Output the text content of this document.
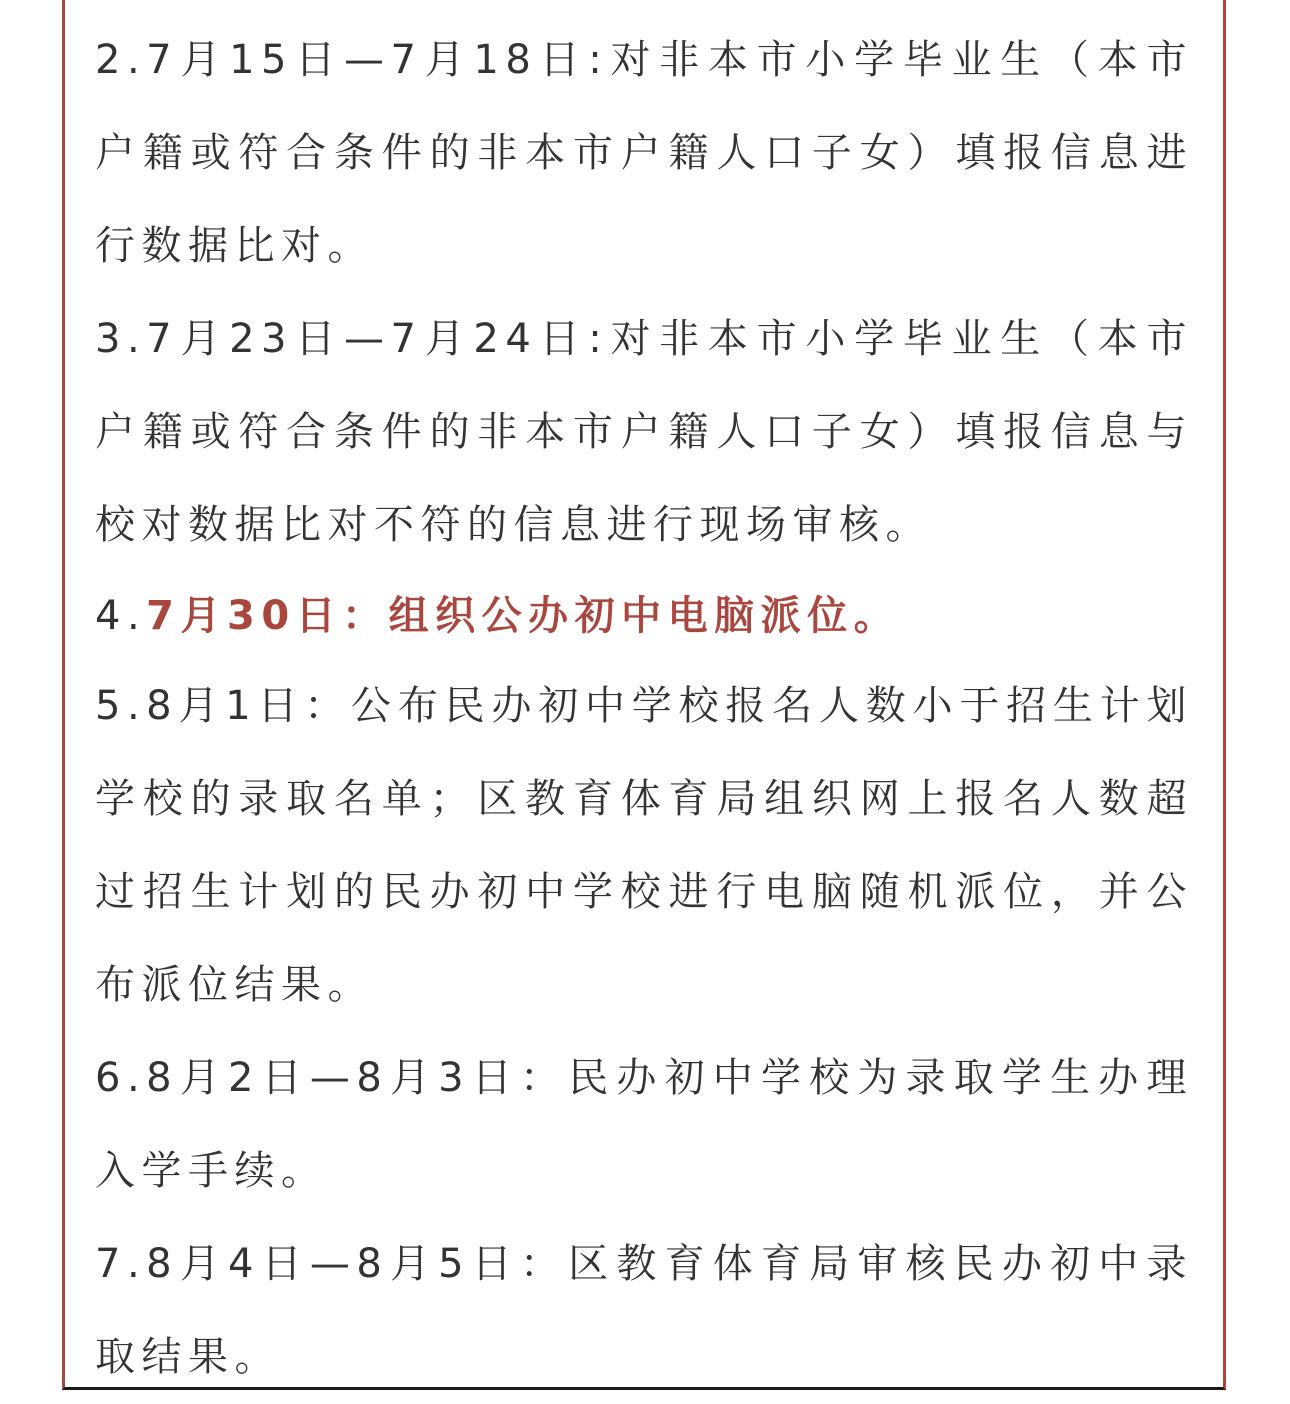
2.7月15日—7月18日:对非本市小学毕业生（本市户籍或符合条件的非本市户籍人口子女）填报信息进行数据比对。

3.7月23日—7月24日:对非本市小学毕业生（本市户籍或符合条件的非本市户籍人口子女）填报信息与校对数据比对不符的信息进行现场审核。

4.7月30日：组织公办初中电脑派位。

5.8月1日：公布民办初中学校报名人数小于招生计划学校的录取名单；区教育体育局组织网上报名人数超过招生计划的民办初中学校进行电脑随机派位，并公布派位结果。

6.8月2日—8月3日：民办初中学校为录取学生办理入学手续。

7.8月4日—8月5日：区教育体育局审核民办初中录取结果。
